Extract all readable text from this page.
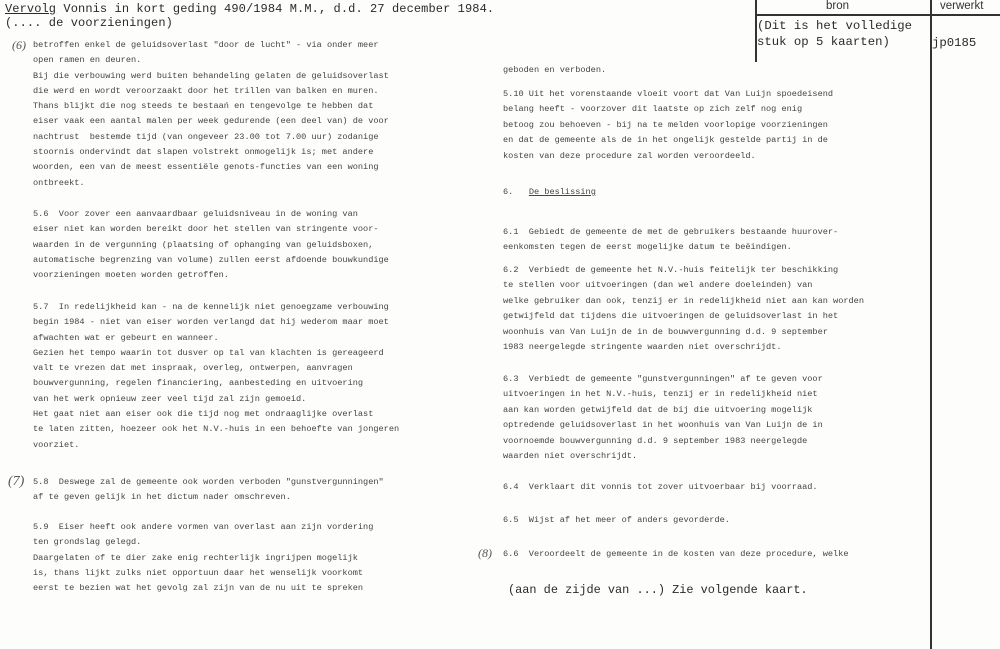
Vervolg Vonnis in kort geding 490/1984 M.M., d.d. 27 december 1984.
(.... de voorzieningen)
bron	verwerkt
(Dit is het volledige
stuk op 5 kaarten)	jp0185
(6)
(7)
(8)
betroffen enkel de geluidsoverlast "door de lucht" - via onder meer
open ramen en deuren.
Bij die verbouwing werd buiten behandeling gelaten de geluidsoverlast
die werd en wordt veroorzaakt door het trillen van balken en muren.
Thans blijkt die nog steeds te bestaań en tengevolge te hebben dat
eiser vaak een aantal malen per week gedurende (een deel van) de voor
nachtrust  bestemde tijd (van ongeveer 23.00 tot 7.00 uur) zodanige
stoornis ondervindt dat slapen volstrekt onmogelijk is; met andere
woorden, een van de meest essentiële genots-functies van een woning
ontbreekt.
5.6  Voor zover een aanvaardbaar geluidsniveau in de woning van
eiser niet kan worden bereikt door het stellen van stringente voor-
waarden in de vergunning (plaatsing of ophanging van geluidsboxen,
automatische begrenzing van volume) zullen eerst afdoende bouwkundige
voorzieningen moeten worden getroffen.
5.7  In redelijkheid kan - na de kennelijk niet genoegzame verbouwing
begin 1984 - niet van eiser worden verlangd dat hij wederom maar moet
afwachten wat er gebeurt en wanneer.
Gezien het tempo waarin tot dusver op tal van klachten is gereageerd
valt te vrezen dat met inspraak, overleg, ontwerpen, aanvragen
bouwvergunning, regelen financiering, aanbesteding en uitvoering
van het werk opnieuw zeer veel tijd zal zijn gemoeid.
Het gaat niet aan eiser ook die tijd nog met ondraaglijke overlast
te laten zitten, hoezeer ook het N.V.-huis in een behoefte van jongeren
voorziet.
5.8  Deswege zal de gemeente ook worden verboden "gunstvergunningen"
af te geven gelijk in het dictum nader omschreven.
5.9  Eiser heeft ook andere vormen van overlast aan zijn vordering
ten grondslag gelegd.
Daargelaten of te dier zake enig rechterlijk ingrijpen mogelijk
is, thans lijkt zulks niet opportuun daar het wenselijk voorkomt
eerst te bezien wat het gevolg zal zijn van de nu uit te spreken
geboden en verboden.
5.10 Uit het vorenstaande vloeit voort dat Van Luijn spoedeisend
belang heeft - voorzover dit laatste op zich zelf nog enig
betoog zou behoeven - bij na te melden voorlopige voorzieningen
en dat de gemeente als de in het ongelijk gestelde partij in de
kosten van deze procedure zal worden veroordeeld.
6. De beslissing
6.1  Gebiedt de gemeente de met de gebruikers bestaande huurover-
eenkomsten tegen de eerst mogelijke datum te beëindigen.
6.2  Verbiedt de gemeente het N.V.-huis feitelijk ter beschikking
te stellen voor uitvoeringen (dan wel andere doeleinden) van
welke gebruiker dan ook, tenzij er in redelijkheid niet aan kan worden
getwijfeld dat tijdens die uitvoeringen de geluidsoverlast in het
woonhuis van Van Luijn de in de bouwvergunning d.d. 9 september
1983 neergelegde stringente waarden niet overschrijdt.
6.3  Verbiedt de gemeente "gunstvergunningen" af te geven voor
uitvoeringen in het N.V.-huis, tenzij er in redelijkheid niet
aan kan worden getwijfeld dat de bij die uitvoering mogelijk
optredende geluidsoverlast in het woonhuis van Van Luijn de in
voornoemde bouwvergunning d.d. 9 september 1983 neergelegde
waarden niet overschrijdt.
6.4  Verklaart dit vonnis tot zover uitvoerbaar bij voorraad.
6.5  Wijst af het meer of anders gevorderde.
6.6  Veroordeelt de gemeente in de kosten van deze procedure, welke
(aan de zijde van ...) Zie volgende kaart.
